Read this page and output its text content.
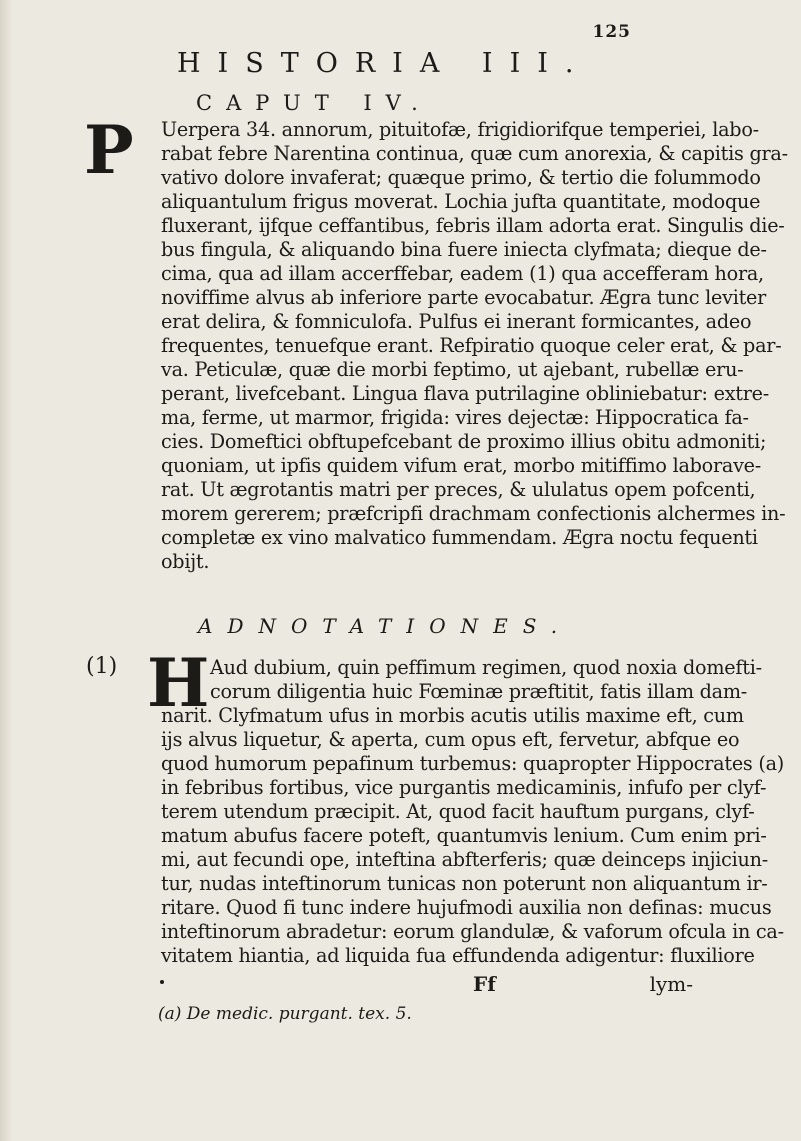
125
HISTORIA III.
CAPUT IV.
P Uerpera 34. annorum, pituitofæ, frigidiorifque temperiei, labo-
rabat febre Narentina continua, quæ cum anorexia, & capitis gra-
vativo dolore invaferat; quæque primo, & tertio die folummodo
aliquantulum frigus moverat. Lochia jufta quantitate, modoque
fluxerant, ijfque ceffantibus, febris illam adorta erat. Singulis die-
bus fingula, & aliquando bina fuere iniecta clyfmata; dieque de-
cima, qua ad illam accerffebar, eadem (1) qua accefferam hora,
noviffime alvus ab inferiore parte evocabatur. Ægra tunc leviter
erat delira, & fomniculofa. Pulfus ei inerant formicantes, adeo
frequentes, tenuefque erant. Refpiratio quoque celer erat, & par-
va. Peticulæ, quæ die morbi feptimo, ut ajebant, rubellæ eru-
perant, livefcebant. Lingua flava putrilagine obliniebatur: extre-
ma, ferme, ut marmor, frigida: vires dejectæ: Hippocratica fa-
cies. Domeftici obftupefcebant de proximo illius obitu admoniti;
quoniam, ut ipfis quidem vifum erat, morbo mitiffimo laborave-
rat. Ut ægrotantis matri per preces, & ululatus opem pofcenti,
morem gererem; præfcripfi drachmam confectionis alchermes in-
completæ ex vino malvatico fummendam. Ægra noctu fequenti
obijt.
ADNOTATIONES.
(1) H Aud dubium, quin peffimum regimen, quod noxia domefti-
corum diligentia huic Fœminæ præftitit, fatis illam dam-
narit. Clyfmatum ufus in morbis acutis utilis maxime eft, cum
ijs alvus liquetur, & aperta, cum opus eft, fervetur, abfque eo
quod humorum pepafinum turbemus: quapropter Hippocrates (a)
in febribus fortibus, vice purgantis medicaminis, infufo per clyf-
terem utendum præcipit. At, quod facit hauftum purgans, clyf-
matum abufus facere poteft, quantumvis lenium. Cum enim pri-
mi, aut fecundi ope, inteftina abfterferis; quæ deinceps injiciun-
tur, nudas inteftinorum tunicas non poterunt non aliquantum ir-
ritare. Quod fi tunc indere hujufmodi auxilia non definas: mucus
inteftinorum abradetur: eorum glandulæ, & vaforum ofcula in ca-
vitatem hiantia, ad liquida fua effundenda adigentur: fluxiliore
Ff	lym-
(a) De medic. purgant. tex. 5.
